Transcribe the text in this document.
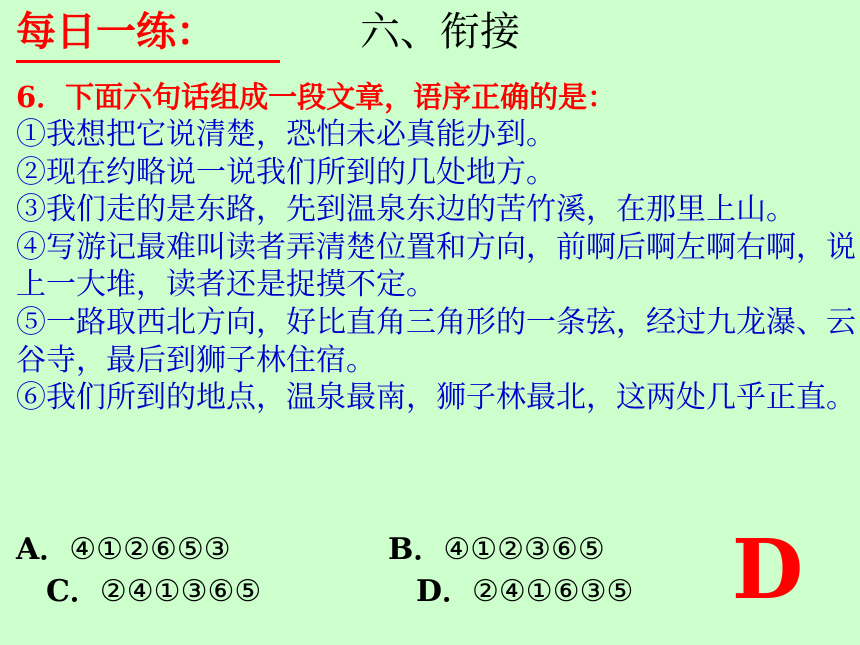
每日一练：	六、衔接
6．下面六句话组成一段文章，语序正确的是：
①我想把它说清楚，恐怕未必真能办到。
②现在约略说一说我们所到的几处地方。
③我们走的是东路，先到温泉东边的苦竹溪，在那里上山。
④写游记最难叫读者弄清楚位置和方向，前啊后啊左啊右啊，说上一大堆，读者还是捉摸不定。
⑤一路取西北方向，好比直角三角形的一条弦，经过九龙瀑、云谷寺，最后到狮子林住宿。
⑥我们所到的地点，温泉最南，狮子林最北，这两处几乎正直。
A．④①②⑥⑤③	B．④①②③⑥⑤
C．②④①③⑥⑤	D．②④①⑥③⑤ D
